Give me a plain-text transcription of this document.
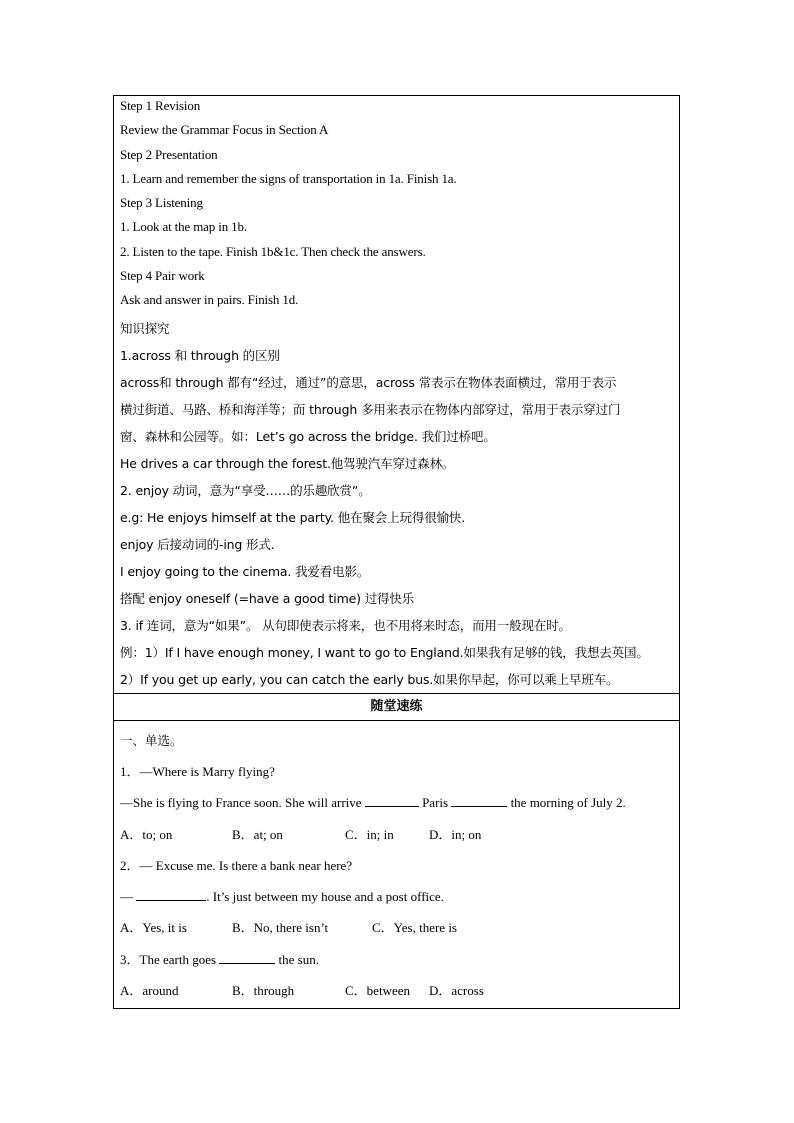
Step 1 Revision
Review the Grammar Focus in Section A
Step 2 Presentation
1. Learn and remember the signs of transportation in 1a. Finish 1a.
Step 3 Listening
1. Look at the map in 1b.
2. Listen to the tape. Finish 1b&1c. Then check the answers.
Step 4 Pair work
Ask and answer in pairs. Finish 1d.
知识探究
1.across 和 through 的区别
across和 through 都有“经过，通过”的意思，across 常表示在物体表面横过，常用于表示
横过街道、马路、桥和海洋等；而 through 多用来表示在物体内部穿过，常用于表示穿过门
窗、森林和公园等。如：Let’s go across the bridge. 我们过桥吧。
He drives a car through the forest.他驾驶汽车穿过森林。
2. enjoy 动词，意为“享受……的乐趣欣赏”。
e.g: He enjoys himself at the party. 他在聚会上玩得很愉快.
enjoy 后接动词的-ing 形式.
I enjoy going to the cinema. 我爱看电影。
搭配 enjoy oneself (=have a good time) 过得快乐
3. if 连词，意为“如果”。 从句即使表示将来，也不用将来时态，而用一般现在时。
例：1）If I have enough money, I want to go to England.如果我有足够的钱，我想去英国。
2）If you get up early, you can catch the early bus.如果你早起，你可以乘上早班车。
随堂速练
一、单选。
1．—Where is Marry flying?
—She is flying to France soon. She will arrive	Paris	the morning of July 2.
A．to; on	B．at; on	C．in; in	D．in; on
2．— Excuse me. Is there a bank near here?
—	. It’s just between my house and a post office.
A．Yes, it is	B．No, there isn’t	C．Yes, there is
3．The earth goes	the sun.
A．around	B．through	C．between D．across
